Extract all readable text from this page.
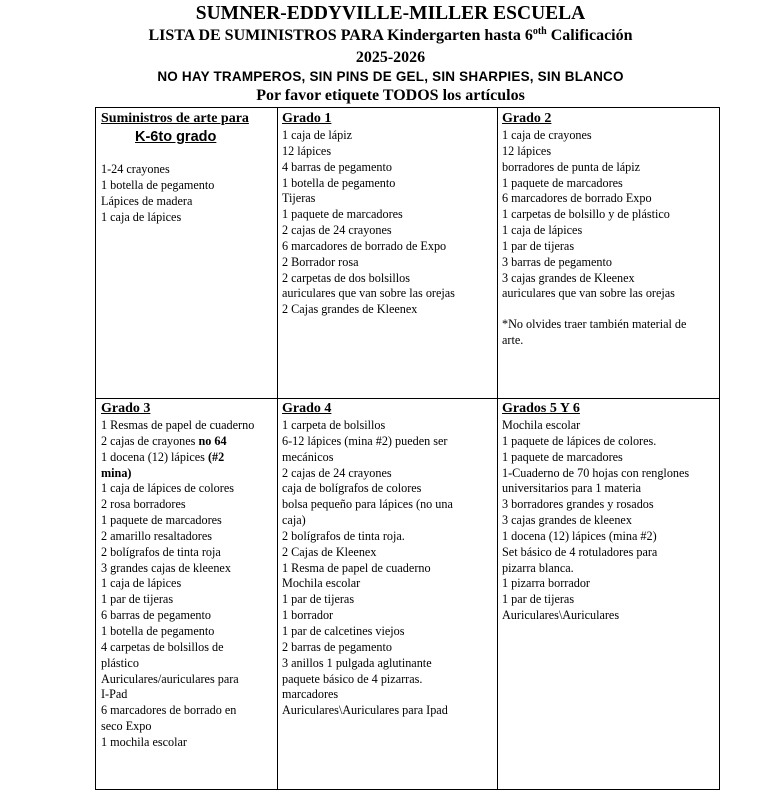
SUMNER-EDDYVILLE-MILLER ESCUELA
LISTA DE SUMINISTROS PARA Kindergarten hasta $6^{oth}$ Calificación
2025-2026
NO HAY TRAMPEROS, SIN PINS DE GEL, SIN SHARPIES, SIN BLANCO
Por favor etiquete TODOS los artículos
Suministros de arte para
K-6to grado
1-24 crayones
1 botella de pegamento
Lápices de madera
1 caja de lápices
Grado 1
1 caja de lápiz
12 lápices
4 barras de pegamento
1 botella de pegamento
Tijeras
1 paquete de marcadores
2 cajas de 24 crayones
6 marcadores de borrado de Expo
2 Borrador rosa
2 carpetas de dos bolsillos
auriculares que van sobre las orejas
2 Cajas grandes de Kleenex
Grado 2
1 caja de crayones
12 lápices
borradores de punta de lápiz
1 paquete de marcadores
6 marcadores de borrado Expo
1 carpetas de bolsillo y de plástico
1 caja de lápices
1 par de tijeras
3 barras de pegamento
3 cajas grandes de Kleenex
auriculares que van sobre las orejas
*No olvides traer también material de
arte.
Grado 3
1 Resmas de papel de cuaderno
2 cajas de crayones no 64
1 docena (12) lápices (#2
mina)
1 caja de lápices de colores
2 rosa borradores
1 paquete de marcadores
2 amarillo resaltadores
2 bolígrafos de tinta roja
3 grandes cajas de kleenex
1 caja de lápices
1 par de tijeras
6 barras de pegamento
1 botella de pegamento
4 carpetas de bolsillos de
plástico
Auriculares/auriculares para
I-Pad
6 marcadores de borrado en
seco Expo
1 mochila escolar
Grado 4
1 carpeta de bolsillos
6-12 lápices (mina #2) pueden ser
mecánicos
2 cajas de 24 crayones
caja de bolígrafos de colores
bolsa pequeño para lápices (no una
caja)
2 bolígrafos de tinta roja.
2 Cajas de Kleenex
1 Resma de papel de cuaderno
Mochila escolar
1 par de tijeras
1 borrador
1 par de calcetines viejos
2 barras de pegamento
3 anillos 1 pulgada aglutinante
paquete básico de 4 pizarras.
marcadores
Auriculares\Auriculares para Ipad
Grados 5 Y 6
Mochila escolar
1 paquete de lápices de colores.
1 paquete de marcadores
1-Cuaderno de 70 hojas con renglones
universitarios para 1 materia
3 borradores grandes y rosados
3 cajas grandes de kleenex
1 docena (12) lápices (mina #2)
Set básico de 4 rotuladores para
pizarra blanca.
1 pizarra borrador
1 par de tijeras
Auriculares\Auriculares
